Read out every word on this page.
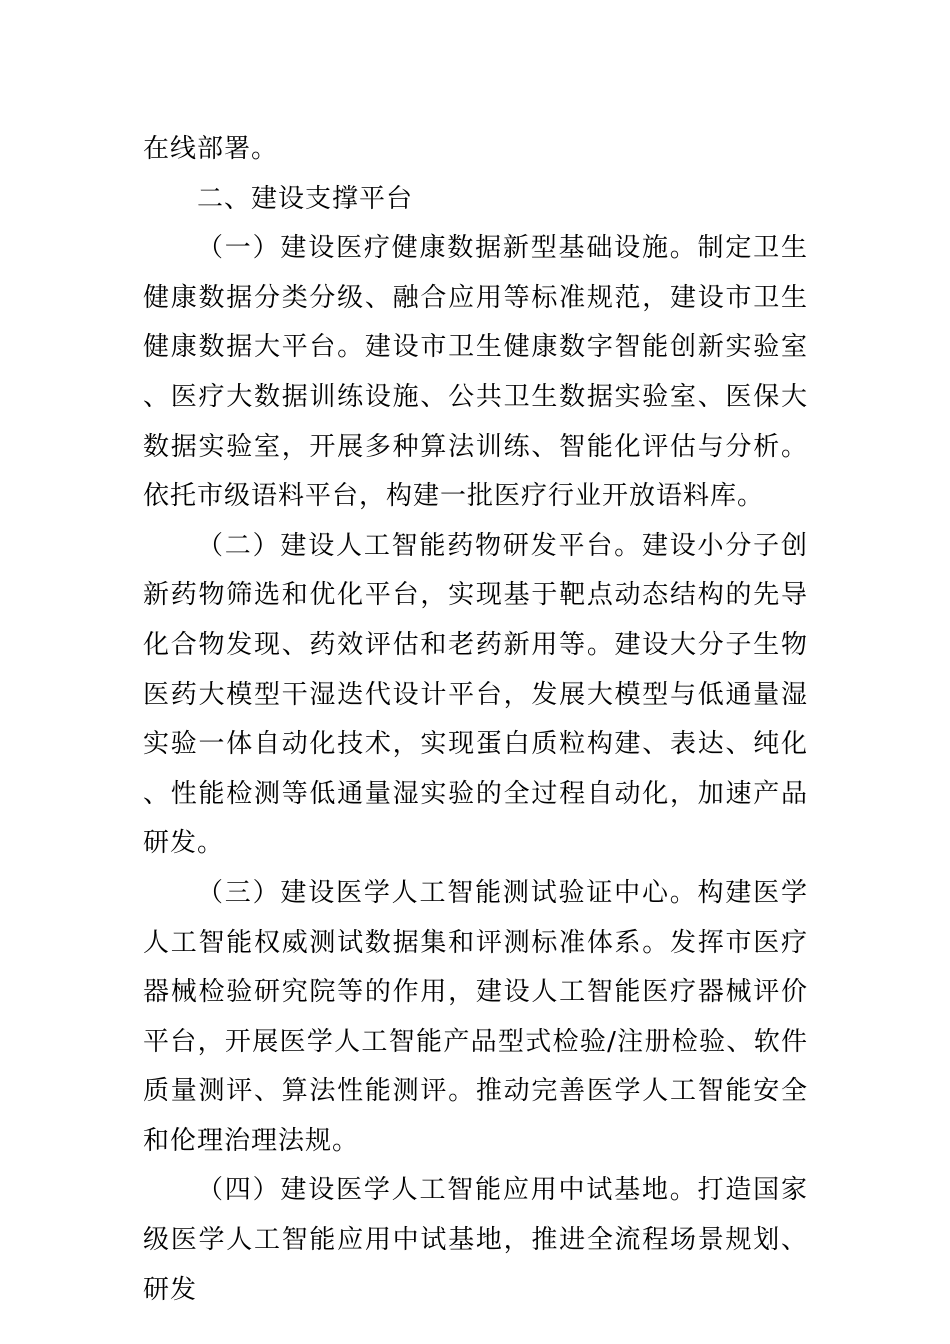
在线部署。

二、建设支撑平台

（一）建设医疗健康数据新型基础设施。制定卫生健康数据分类分级、融合应用等标准规范，建设市卫生健康数据大平台。建设市卫生健康数字智能创新实验室、医疗大数据训练设施、公共卫生数据实验室、医保大数据实验室，开展多种算法训练、智能化评估与分析。依托市级语料平台，构建一批医疗行业开放语料库。

（二）建设人工智能药物研发平台。建设小分子创新药物筛选和优化平台，实现基于靶点动态结构的先导化合物发现、药效评估和老药新用等。建设大分子生物医药大模型干湿迭代设计平台，发展大模型与低通量湿实验一体自动化技术，实现蛋白质粒构建、表达、纯化、性能检测等低通量湿实验的全过程自动化，加速产品研发。

（三）建设医学人工智能测试验证中心。构建医学人工智能权威测试数据集和评测标准体系。发挥市医疗器械检验研究院等的作用，建设人工智能医疗器械评价平台，开展医学人工智能产品型式检验/注册检验、软件质量测评、算法性能测评。推动完善医学人工智能安全和伦理治理法规。

（四）建设医学人工智能应用中试基地。打造国家级医学人工智能应用中试基地，推进全流程场景规划、研发
